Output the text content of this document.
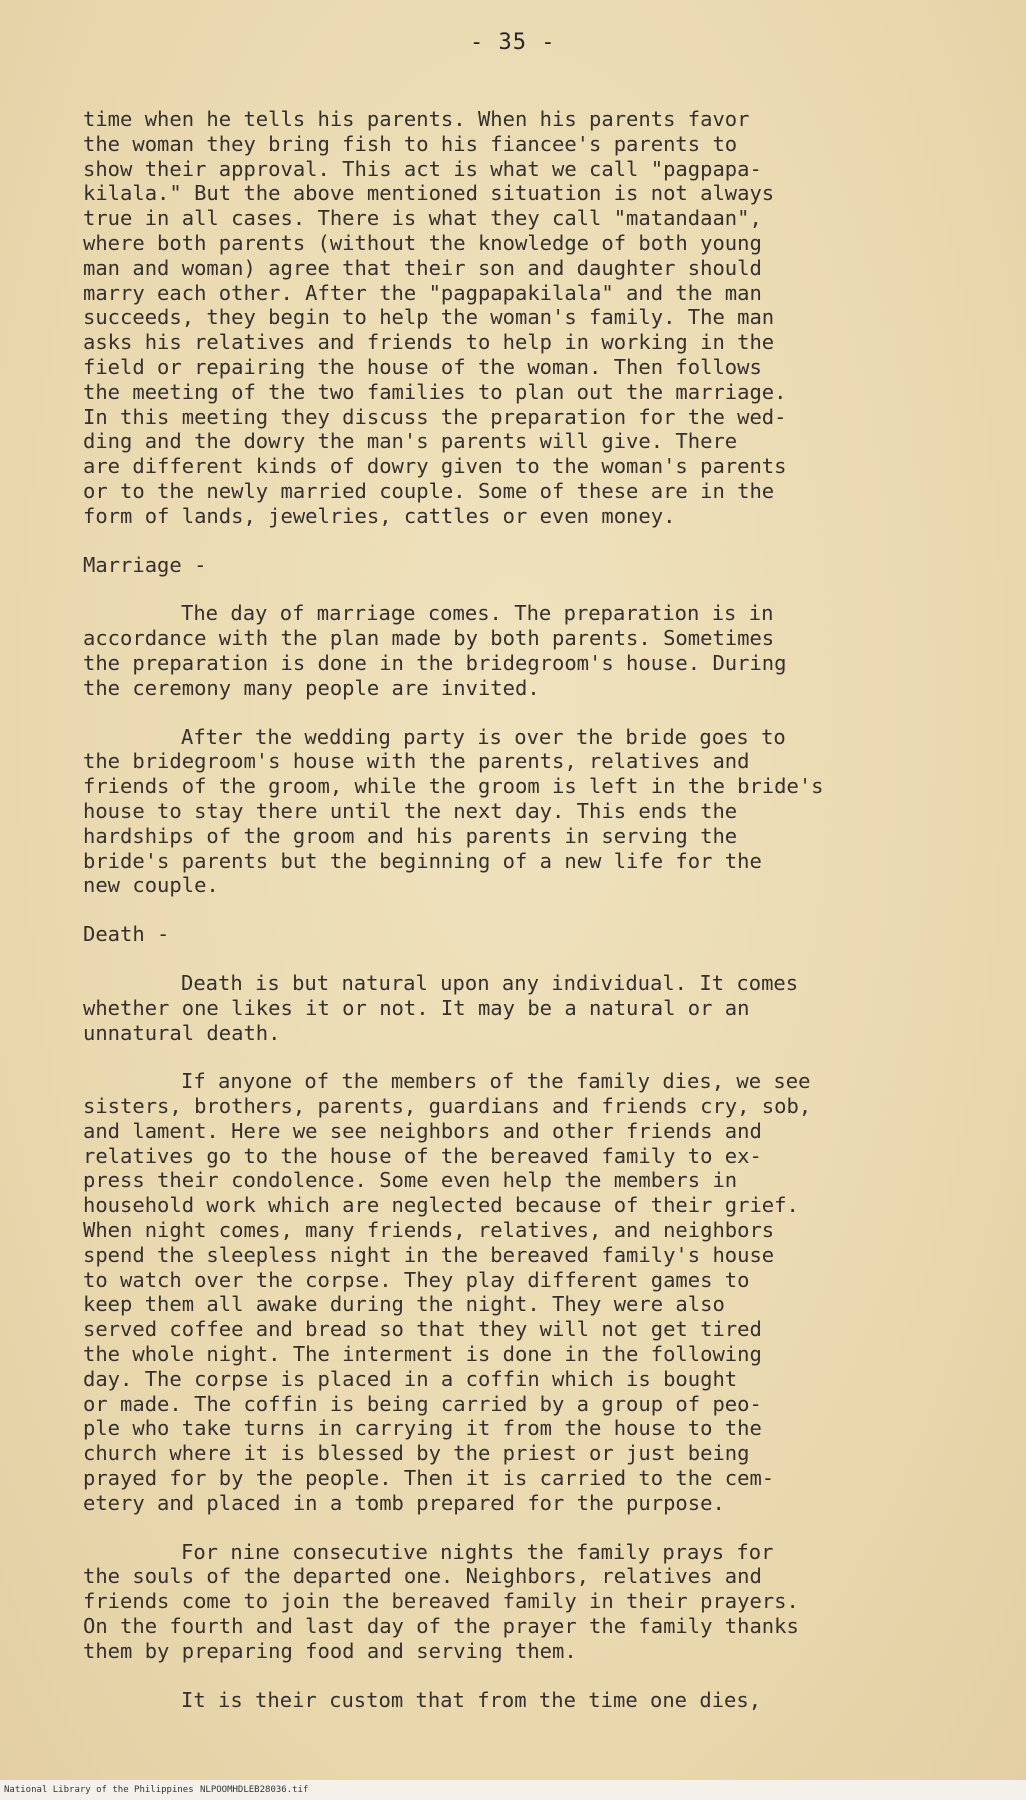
- 35 -
time when he tells his parents. When his parents favor
the woman they bring fish to his fiancee's parents to
show their approval. This act is what we call "pagpapa-
kilala." But the above mentioned situation is not always
true in all cases. There is what they call "matandaan",
where both parents (without the knowledge of both young
man and woman) agree that their son and daughter should
marry each other. After the "pagpapakilala" and the man
succeeds, they begin to help the woman's family. The man
asks his relatives and friends to help in working in the
field or repairing the house of the woman. Then follows
the meeting of the two families to plan out the marriage.
In this meeting they discuss the preparation for the wed-
ding and the dowry the man's parents will give. There
are different kinds of dowry given to the woman's parents
or to the newly married couple. Some of these are in the
form of lands, jewelries, cattles or even money.
Marriage -
The day of marriage comes. The preparation is in
accordance with the plan made by both parents. Sometimes
the preparation is done in the bridegroom's house. During
the ceremony many people are invited.
After the wedding party is over the bride goes to
the bridegroom's house with the parents, relatives and
friends of the groom, while the groom is left in the bride's
house to stay there until the next day. This ends the
hardships of the groom and his parents in serving the
bride's parents but the beginning of a new life for the
new couple.
Death -
Death is but natural upon any individual. It comes
whether one likes it or not. It may be a natural or an
unnatural death.
If anyone of the members of the family dies, we see
sisters, brothers, parents, guardians and friends cry, sob,
and lament. Here we see neighbors and other friends and
relatives go to the house of the bereaved family to ex-
press their condolence. Some even help the members in
household work which are neglected because of their grief.
When night comes, many friends, relatives, and neighbors
spend the sleepless night in the bereaved family's house
to watch over the corpse. They play different games to
keep them all awake during the night. They were also
served coffee and bread so that they will not get tired
the whole night. The interment is done in the following
day. The corpse is placed in a coffin which is bought
or made. The coffin is being carried by a group of peo-
ple who take turns in carrying it from the house to the
church where it is blessed by the priest or just being
prayed for by the people. Then it is carried to the cem-
etery and placed in a tomb prepared for the purpose.
For nine consecutive nights the family prays for
the souls of the departed one. Neighbors, relatives and
friends come to join the bereaved family in their prayers.
On the fourth and last day of the prayer the family thanks
them by preparing food and serving them.
It is their custom that from the time one dies,
National Library of the Philippines NLPOOMHDLEB28036.tif
